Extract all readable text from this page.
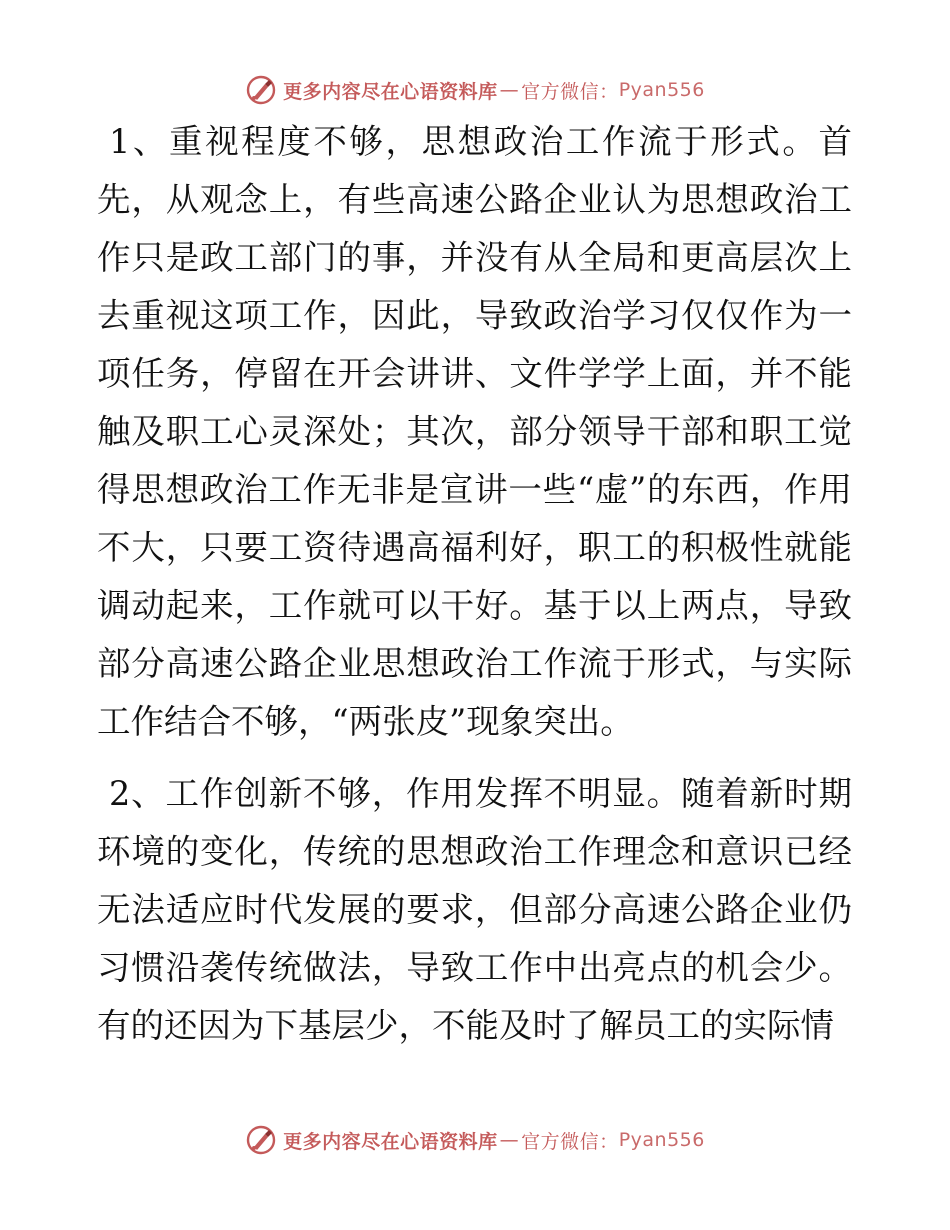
更多内容尽在心语资料库 — 官方微信： Pyan556

1、重视程度不够，思想政治工作流于形式。首先，从观念上，有些高速公路企业认为思想政治工作只是政工部门的事，并没有从全局和更高层次上去重视这项工作，因此，导致政治学习仅仅作为一项任务，停留在开会讲讲、文件学学上面，并不能触及职工心灵深处；其次，部分领导干部和职工觉得思想政治工作无非是宣讲一些“虚”的东西，作用不大，只要工资待遇高福利好，职工的积极性就能调动起来，工作就可以干好。基于以上两点，导致部分高速公路企业思想政治工作流于形式，与实际工作结合不够，“两张皮”现象突出。

2、工作创新不够，作用发挥不明显。随着新时期环境的变化，传统的思想政治工作理念和意识已经无法适应时代发展的要求，但部分高速公路企业仍习惯沿袭传统做法，导致工作中出亮点的机会少。有的还因为下基层少，不能及时了解员工的实际情

更多内容尽在心语资料库 — 官方微信： Pyan556
